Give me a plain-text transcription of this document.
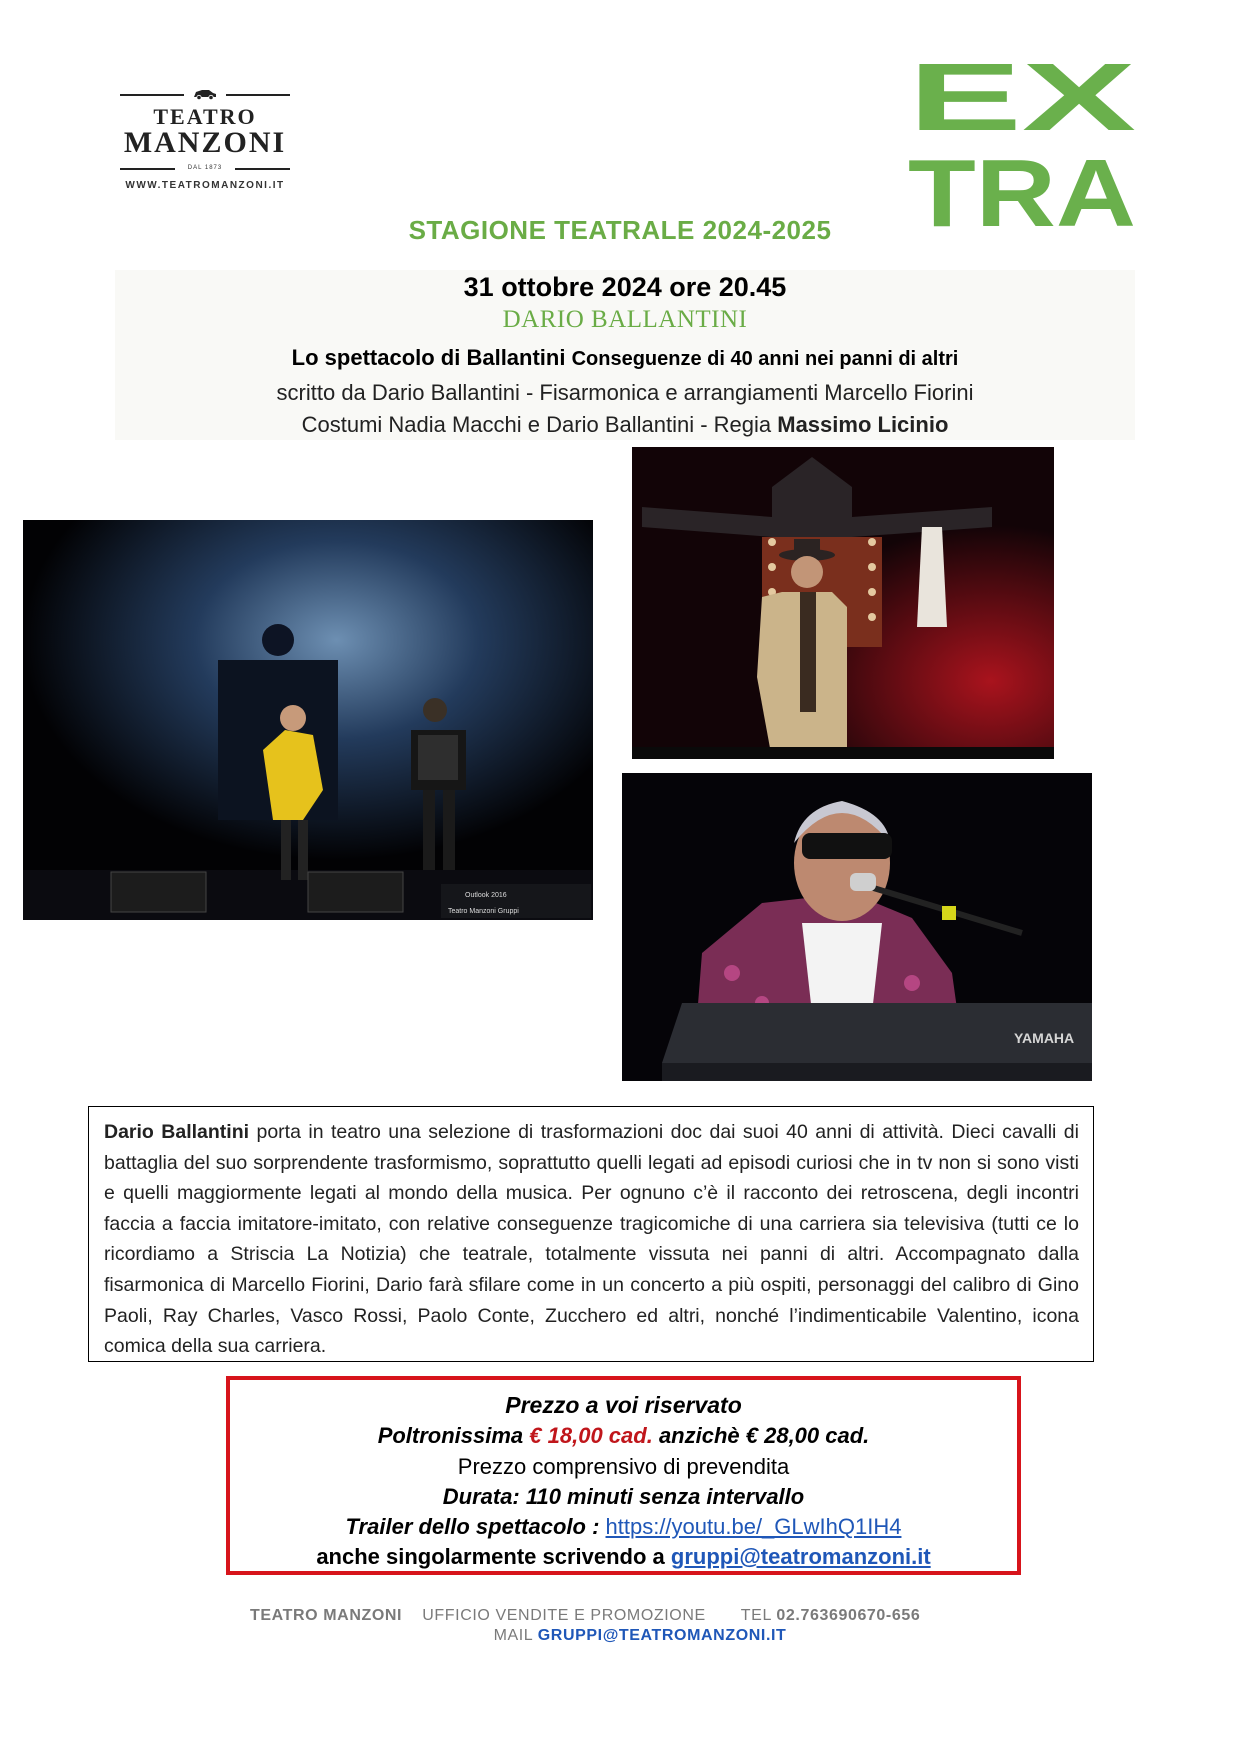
TEATRO
MANZONI
DAL 1873
WWW.TEATROMANZONI.IT
EX
TRA
STAGIONE TEATRALE 2024-2025
31 ottobre 2024 ore 20.45
DARIO BALLANTINI
Lo spettacolo di Ballantini Conseguenze di 40 anni nei panni di altri
scritto da Dario Ballantini - Fisarmonica e arrangiamenti Marcello Fiorini
Costumi Nadia Macchi e Dario Ballantini - Regia Massimo Licinio
Outlook 2016
Teatro Manzoni Gruppi
YAMAHA
Dario Ballantini porta in teatro una selezione di trasformazioni doc dai suoi 40 anni di attività. Dieci cavalli di battaglia del suo sorprendente trasformismo, soprattutto quelli legati ad episodi curiosi che in tv non si sono visti e quelli maggiormente legati al mondo della musica. Per ognuno c’è il racconto dei retroscena, degli incontri faccia a faccia imitatore-imitato, con relative conseguenze tragicomiche di una carriera sia televisiva (tutti ce lo ricordiamo a Striscia La Notizia) che teatrale, totalmente vissuta nei panni di altri. Accompagnato dalla fisarmonica di Marcello Fiorini, Dario farà sfilare come in un concerto a più ospiti, personaggi del calibro di Gino Paoli, Ray Charles, Vasco Rossi, Paolo Conte, Zucchero ed altri, nonché l’indimenticabile Valentino, icona comica della sua carriera.
Prezzo a voi riservato
Poltronissima € 18,00 cad. anzichè € 28,00 cad.
Prezzo comprensivo di prevendita
Durata: 110 minuti senza intervallo
Trailer dello spettacolo : https://youtu.be/_GLwIhQ1IH4
anche singolarmente scrivendo a gruppi@teatromanzoni.it
TEATRO MANZONI UFFICIO VENDITE E PROMOZIONE TEL 02.763690670-656
MAIL GRUPPI@TEATROMANZONI.IT
